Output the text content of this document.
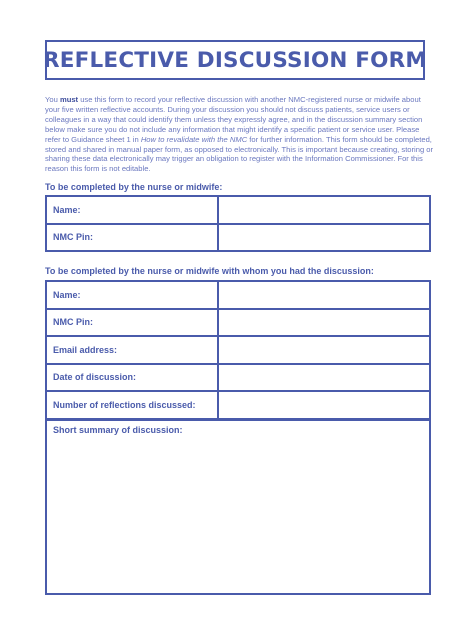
REFLECTIVE DISCUSSION FORM
You must use this form to record your reflective discussion with another NMC-registered nurse or midwife about your five written reflective accounts. During your discussion you should not discuss patients, service users or colleagues in a way that could identify them unless they expressly agree, and in the discussion summary section below make sure you do not include any information that might identify a specific patient or service user. Please refer to Guidance sheet 1 in How to revalidate with the NMC for further information. This form should be completed, stored and shared in manual paper form, as opposed to electronically. This is important because creating, storing or sharing these data electronically may trigger an obligation to register with the Information Commissioner. For this reason this form is not editable.
To be completed by the nurse or midwife:
Name:	
NMC Pin:	
To be completed by the nurse or midwife with whom you had the discussion:
Name:	
NMC Pin:	
Email address:	
Date of discussion:	
Number of reflections discussed:	
Short summary of discussion:
